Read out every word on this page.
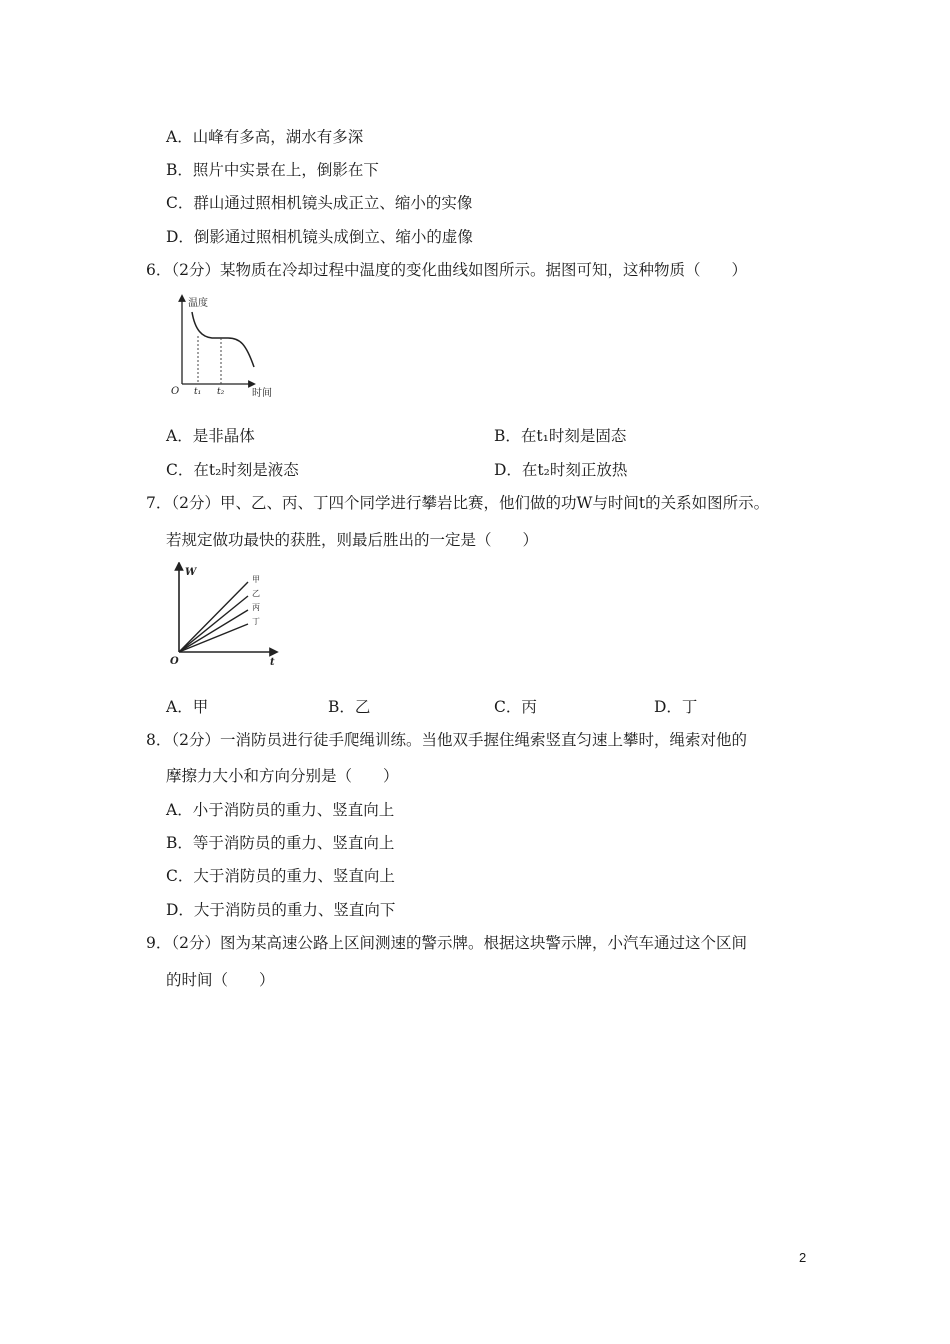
A．山峰有多高，湖水有多深
B．照片中实景在上，倒影在下
C．群山通过照相机镜头成正立、缩小的实像
D．倒影通过照相机镜头成倒立、缩小的虚像
6．（2分）某物质在冷却过程中温度的变化曲线如图所示。据图可知，这种物质（　　）
温度
O t₁ t₂	时间
A．是非晶体	B．在t₁时刻是固态
C．在t₂时刻是液态	D．在t₂时刻正放热
7．（2分）甲、乙、丙、丁四个同学进行攀岩比赛，他们做的功W与时间t的关系如图所示。
若规定做功最快的获胜，则最后胜出的一定是（　　）
W
O	t
甲
乙
丙
丁
A．甲	B．乙	C．丙	D．丁
8．（2分）一消防员进行徒手爬绳训练。当他双手握住绳索竖直匀速上攀时，绳索对他的
摩擦力大小和方向分别是（　　）
A．小于消防员的重力、竖直向上
B．等于消防员的重力、竖直向上
C．大于消防员的重力、竖直向上
D．大于消防员的重力、竖直向下
9．（2分）图为某高速公路上区间测速的警示牌。根据这块警示牌，小汽车通过这个区间
的时间（　　）
2
